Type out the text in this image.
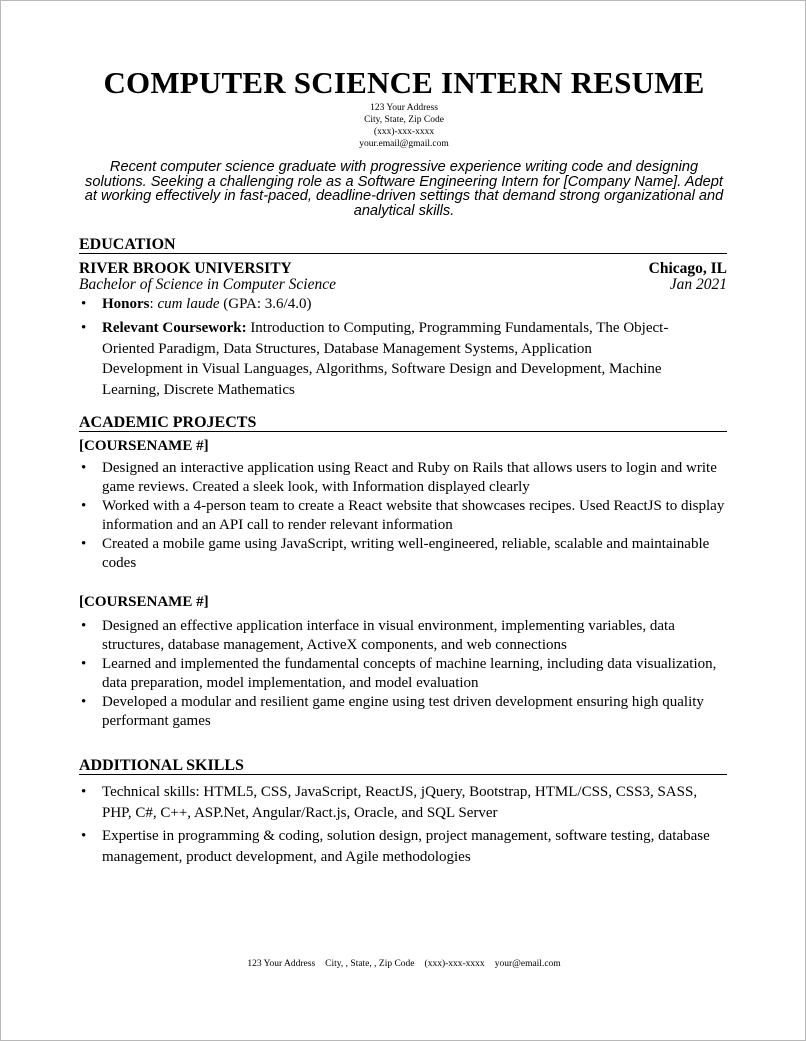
COMPUTER SCIENCE INTERN RESUME
123 Your Address
City, State, Zip Code
(xxx)-xxx-xxxx
your.email@gmail.com
Recent computer science graduate with progressive experience writing code and designing solutions. Seeking a challenging role as a Software Engineering Intern for [Company Name]. Adept at working effectively in fast-paced, deadline-driven settings that demand strong organizational and analytical skills.
EDUCATION
RIVER BROOK UNIVERSITY	Chicago, IL
Bachelor of Science in Computer Science	Jan 2021
• Honors: cum laude (GPA: 3.6/4.0)
• Relevant Coursework: Introduction to Computing, Programming Fundamentals, The Object-Oriented Paradigm, Data Structures, Database Management Systems, Application Development in Visual Languages, Algorithms, Software Design and Development, Machine Learning, Discrete Mathematics
ACADEMIC PROJECTS
[COURSENAME #]
• Designed an interactive application using React and Ruby on Rails that allows users to login and write game reviews. Created a sleek look, with Information displayed clearly
• Worked with a 4-person team to create a React website that showcases recipes. Used ReactJS to display information and an API call to render relevant information
• Created a mobile game using JavaScript, writing well-engineered, reliable, scalable and maintainable codes
[COURSENAME #]
• Designed an effective application interface in visual environment, implementing variables, data structures, database management, ActiveX components, and web connections
• Learned and implemented the fundamental concepts of machine learning, including data visualization, data preparation, model implementation, and model evaluation
• Developed a modular and resilient game engine using test driven development ensuring high quality performant games
ADDITIONAL SKILLS
• Technical skills: HTML5, CSS, JavaScript, ReactJS, jQuery, Bootstrap, HTML/CSS, CSS3, SASS, PHP, C#, C++, ASP.Net, Angular/Ract.js, Oracle, and SQL Server
• Expertise in programming & coding, solution design, project management, software testing, database management, product development, and Agile methodologies
123 Your Address City, , State, , Zip Code (xxx)-xxx-xxxx your@email.com
